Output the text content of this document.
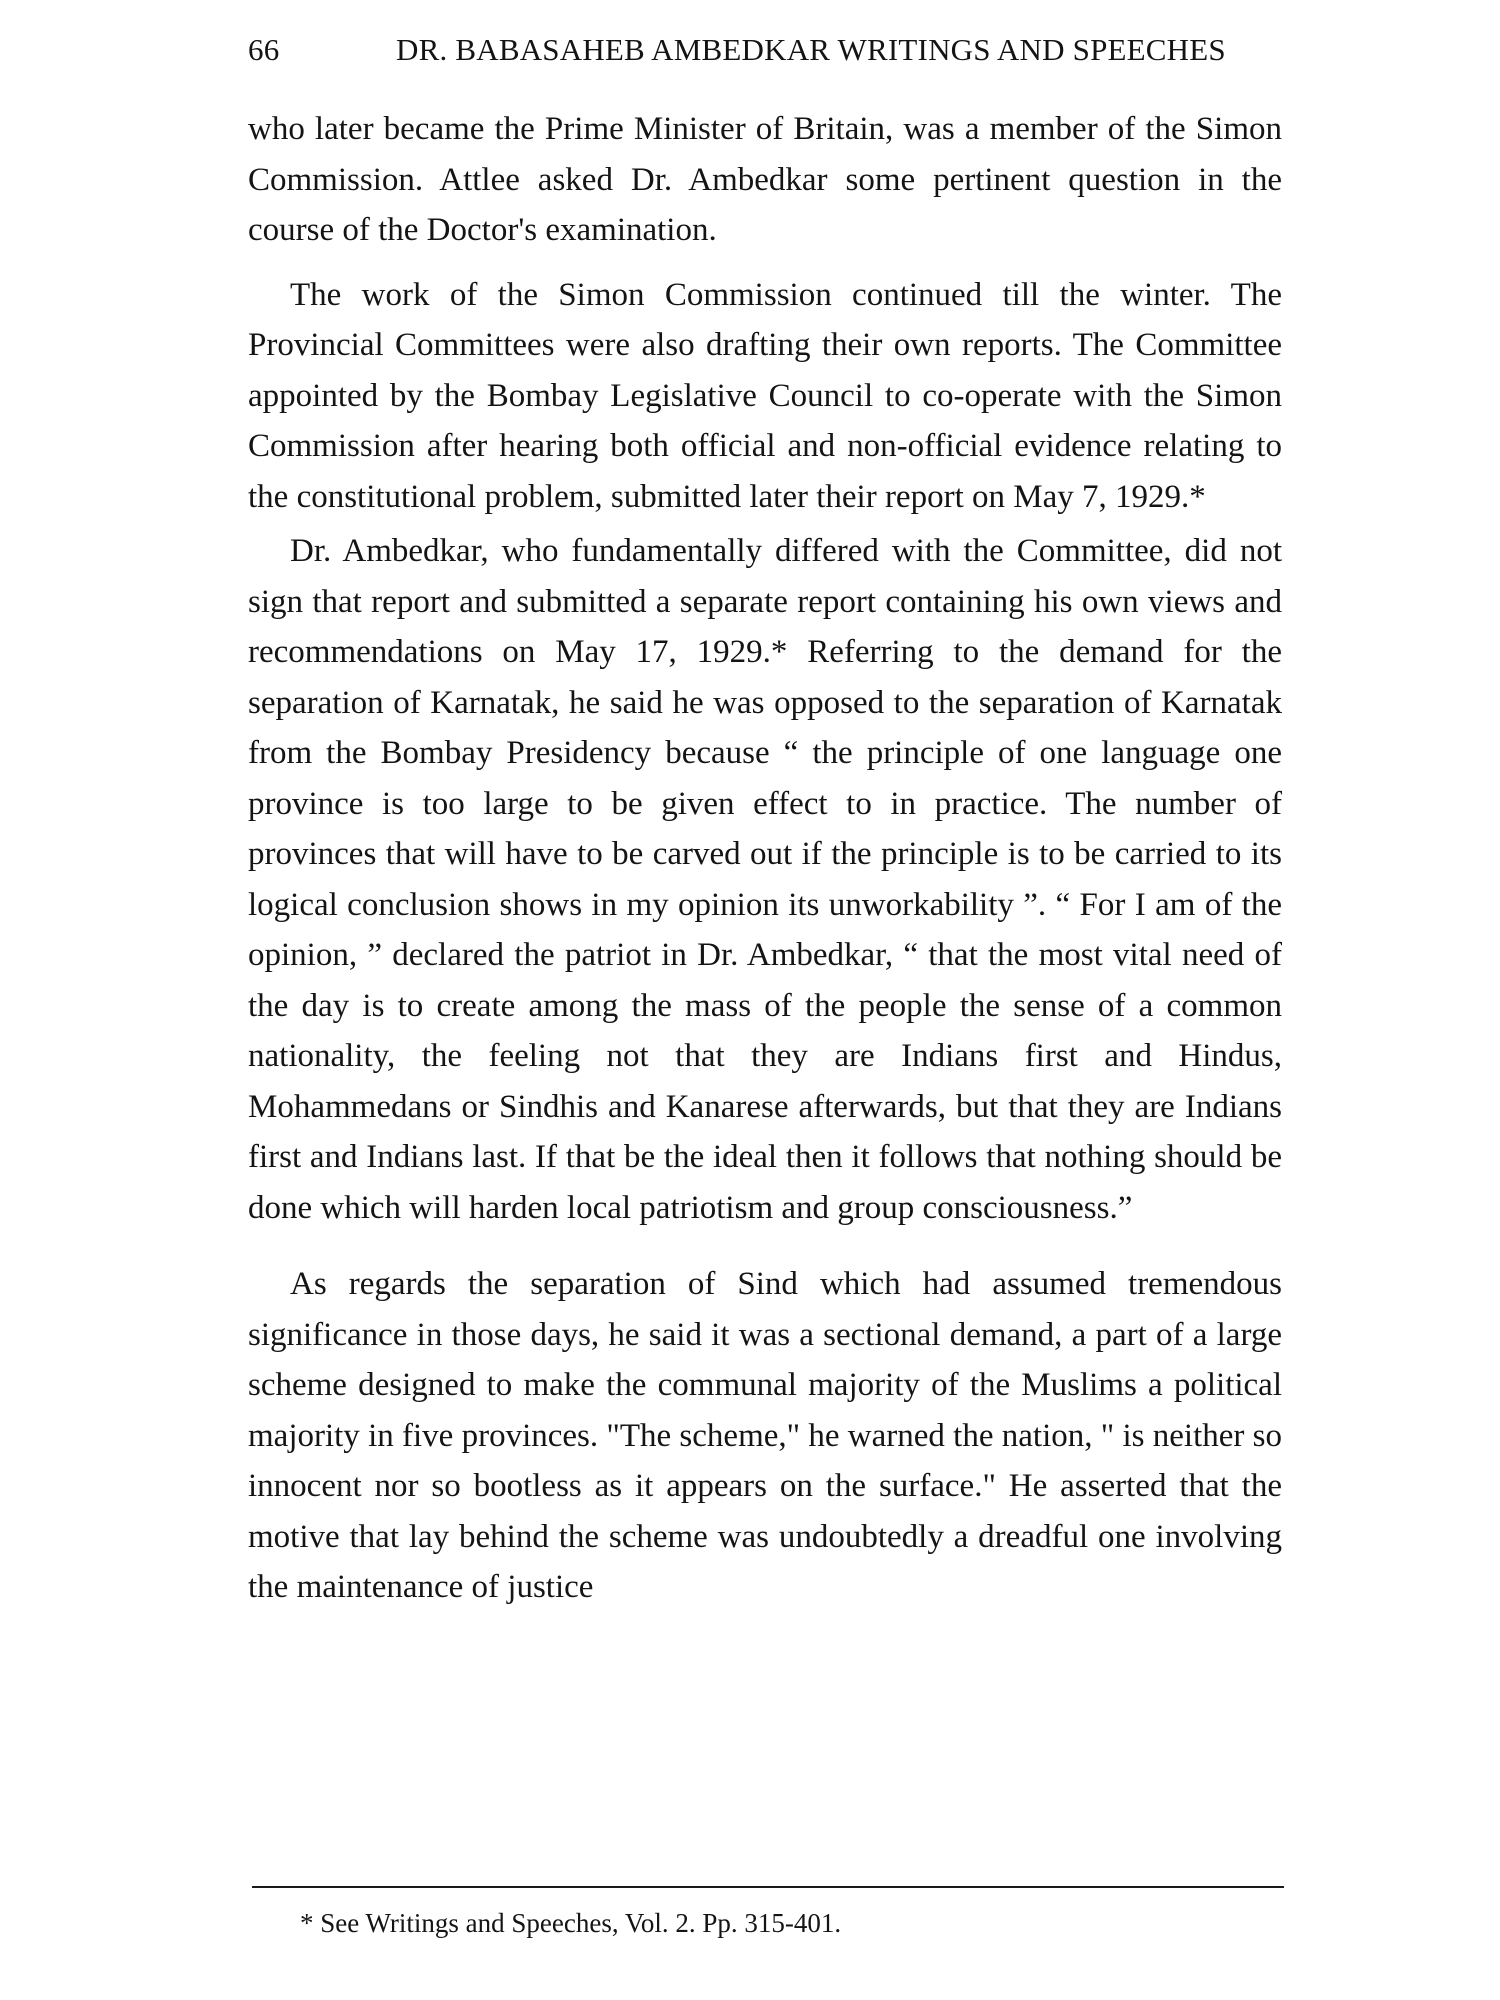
66	DR. BABASAHEB AMBEDKAR WRITINGS AND SPEECHES

who later became the Prime Minister of Britain, was a member of the Simon Commission. Attlee asked Dr. Ambedkar some pertinent question in the course of the Doctor's examination.

The work of the Simon Commission continued till the winter. The Provincial Committees were also drafting their own reports. The Committee appointed by the Bombay Legislative Council to co-operate with the Simon Commission after hearing both official and non-official evidence relating to the constitutional problem, submitted later their report on May 7, 1929.*

Dr. Ambedkar, who fundamentally differed with the Committee, did not sign that report and submitted a separate report containing his own views and recommendations on May 17, 1929.* Referring to the demand for the separation of Karnatak, he said he was opposed to the separation of Karnatak from the Bombay Presidency because “ the principle of one language one province is too large to be given effect to in practice. The number of provinces that will have to be carved out if the principle is to be carried to its logical conclusion shows in my opinion its unworkability ”. “ For I am of the opinion, ” declared the patriot in Dr. Ambedkar, “ that the most vital need of the day is to create among the mass of the people the sense of a common nationality, the feeling not that they are Indians first and Hindus, Mohammedans or Sindhis and Kanarese afterwards, but that they are Indians first and Indians last. If that be the ideal then it follows that nothing should be done which will harden local patriotism and group consciousness.”

As regards the separation of Sind which had assumed tremendous significance in those days, he said it was a sectional demand, a part of a large scheme designed to make the communal majority of the Muslims a political majority in five provinces. "The scheme," he warned the nation, " is neither so innocent nor so bootless as it appears on the surface." He asserted that the motive that lay behind the scheme was undoubtedly a dreadful one involving the maintenance of justice

* See Writings and Speeches, Vol. 2. Pp. 315-401.
